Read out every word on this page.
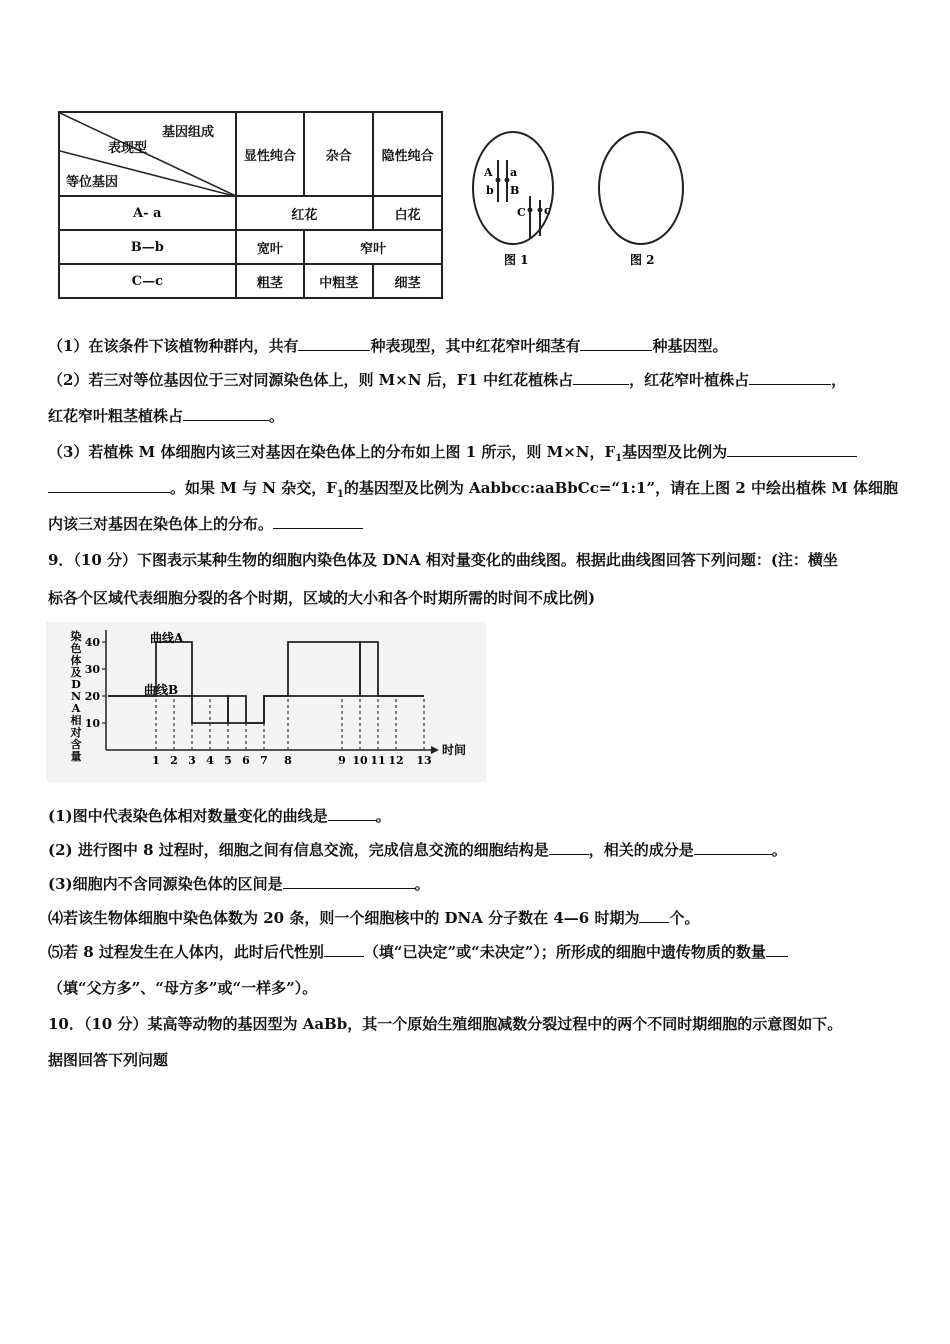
基因组成
表现型
等位基因	显性纯合	杂合	隐性纯合
A- a	红花		白花
B—b	宽叶	窄叶	
C—c	粗茎	中粗茎	细茎
A a
b B
C c
图 1	图 2
（1）在该条件下该植物种群内，共有	种表现型，其中红花窄叶细茎有	种基因型。
（2）若三对等位基因位于三对同源染色体上，则 M×N 后，F1 中红花植株占	，红花窄叶植株占	，
红花窄叶粗茎植株占	。
（3）若植株 M 体细胞内该三对基因在染色体上的分布如上图 1 所示，则 M×N，$F_1$基因型及比例为
。如果 M 与 N 杂交，$F_1$的基因型及比例为 Aabbcc:aaBbCc=“1:1”，请在上图 2 中绘出植株 M 体细胞
内该三对基因在染色体上的分布。
9．（10 分）下图表示某种生物的细胞内染色体及 DNA 相对量变化的曲线图。根据此曲线图回答下列问题：(注：横坐
标各个区域代表细胞分裂的各个时期，区域的大小和各个时期所需的时间不成比例)
染
色
体
及
D
N
A
相
对
含
量	时间
10
20
30
40
1 2 3 4 5 6 7 8	9 10 11 12 13
曲线A
曲线B
(1)图中代表染色体相对数量变化的曲线是	。
(2) 进行图中 8 过程时，细胞之间有信息交流，完成信息交流的细胞结构是	，相关的成分是	。
(3)细胞内不含同源染色体的区间是	。
⑷若该生物体细胞中染色体数为 20 条，则一个细胞核中的 DNA 分子数在 4—6 时期为 个。
⑸若 8 过程发生在人体内，此时后代性别	（填“已决定”或“未决定”）；所形成的细胞中遗传物质的数量
（填“父方多”、“母方多”或“一样多”）。
10．（10 分）某高等动物的基因型为 AaBb，其一个原始生殖细胞减数分裂过程中的两个不同时期细胞的示意图如下。
据图回答下列问题
